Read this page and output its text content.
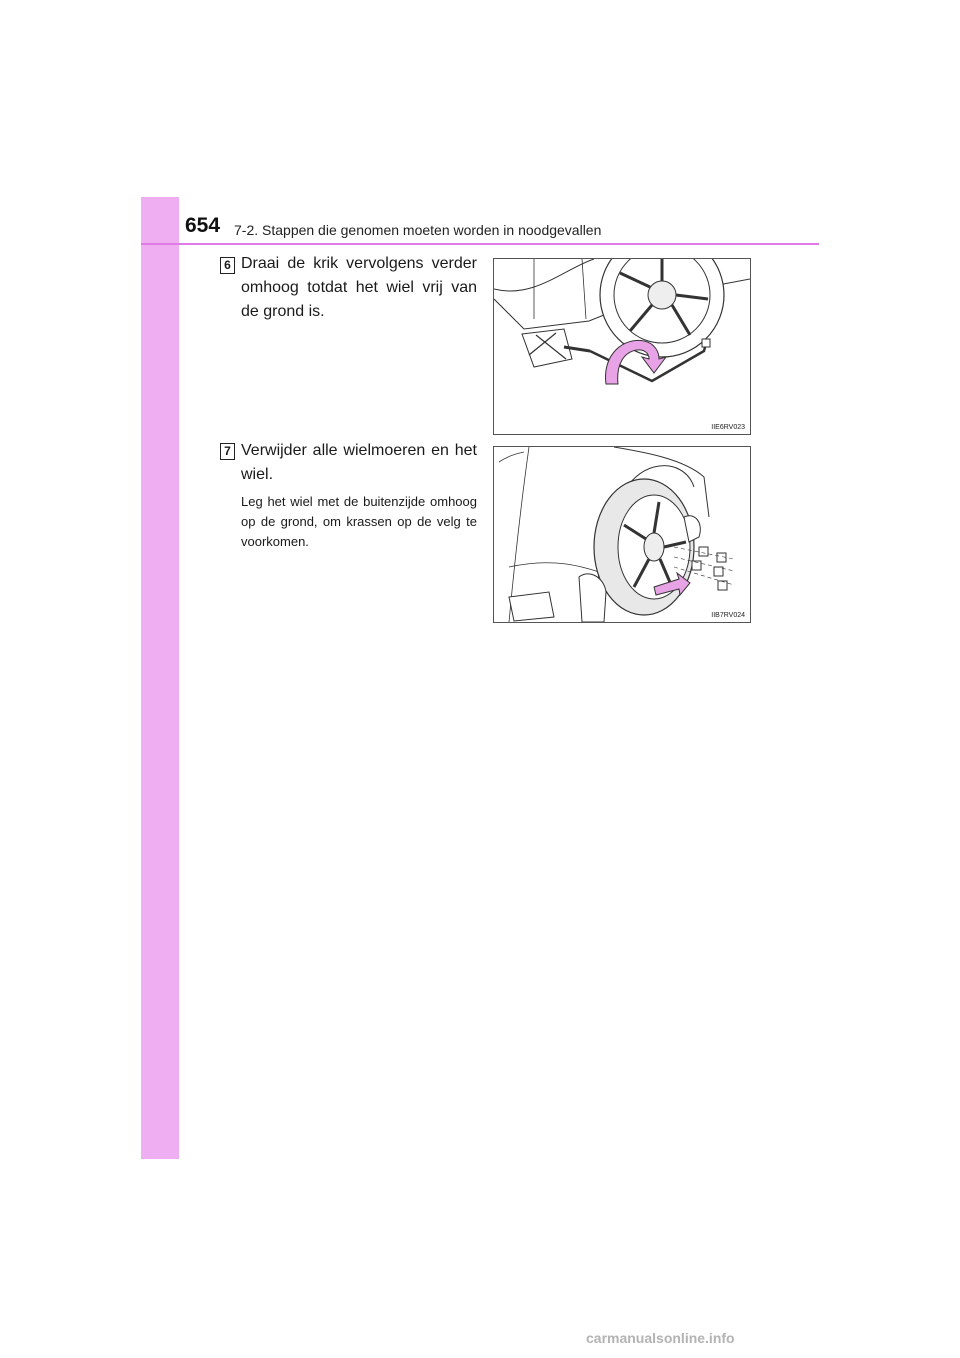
654 7-2. Stappen die genomen moeten worden in noodgevallen
6 Draai de krik vervolgens verder omhoog totdat het wiel vrij van de grond is.
IIE6RV023
7 Verwijder alle wielmoeren en het wiel.
Leg het wiel met de buitenzijde omhoog op de grond, om krassen op de velg te voorkomen.
IIB7RV024
carmanualsonline.info
